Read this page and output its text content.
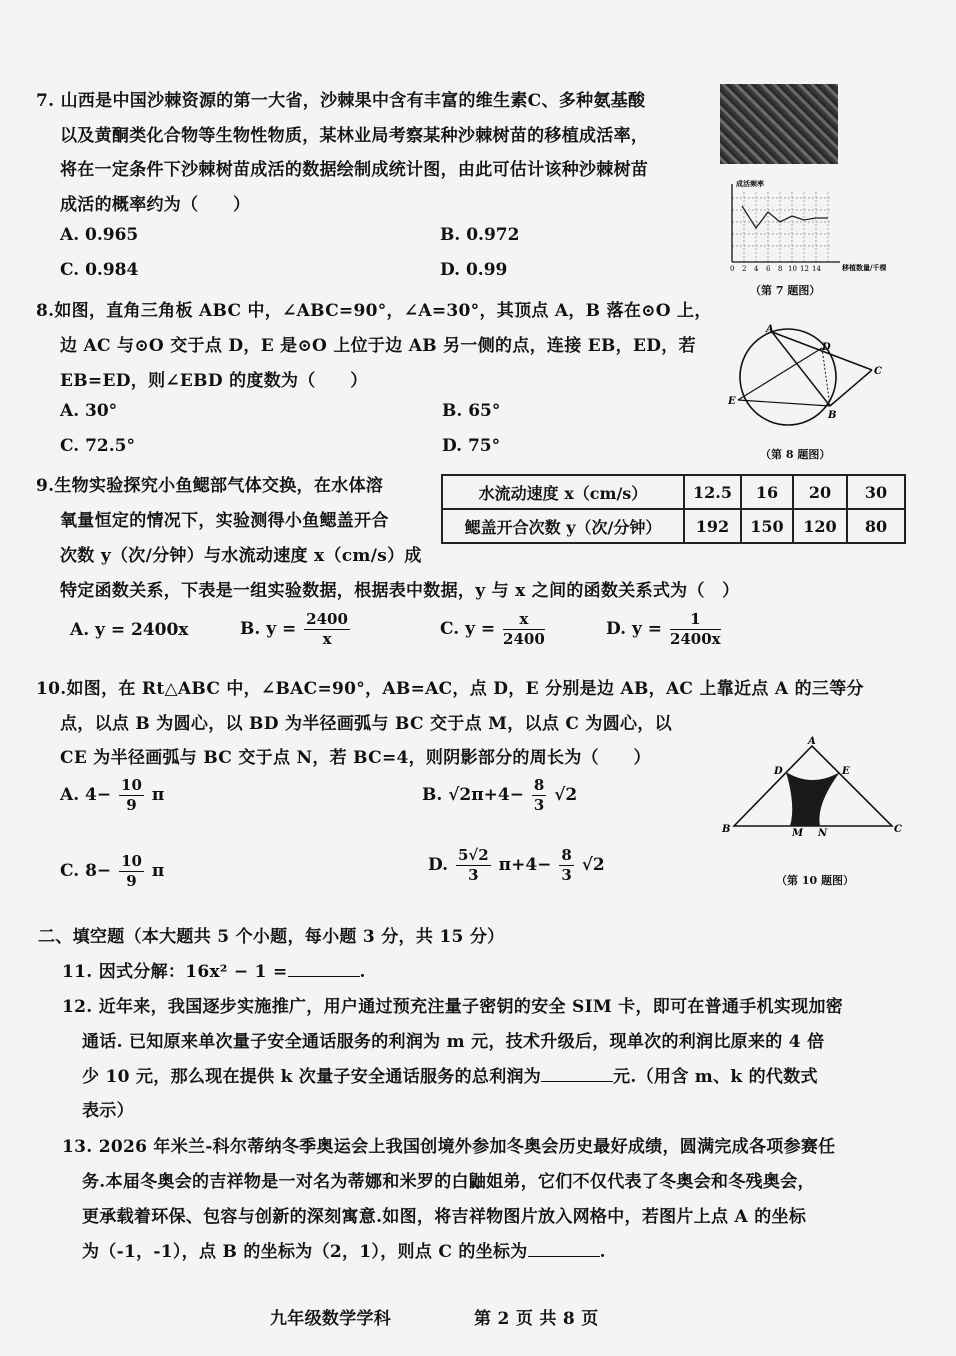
7. 山西是中国沙棘资源的第一大省，沙棘果中含有丰富的维生素C、多种氨基酸
以及黄酮类化合物等生物性物质，某林业局考察某种沙棘树苗的移植成活率，
将在一定条件下沙棘树苗成活的数据绘制成统计图，由此可估计该种沙棘树苗
成活的概率约为（　　）
A. 0.965	B. 0.972
C. 0.984	D. 0.99
成活频率
移植数量/千棵
0 2 4 6 8 10 12 14
（第 7 题图）
8.如图，直角三角板 ABC 中，∠ABC=90°，∠A=30°，其顶点 A，B 落在⊙O 上，
边 AC 与⊙O 交于点 D，E 是⊙O 上位于边 AB 另一侧的点，连接 EB，ED，若
EB=ED，则∠EBD 的度数为（　　）
A. 30°	B. 65°
C. 72.5°	D. 75°
A
D
C
E
B
（第 8 题图）
9.生物实验探究小鱼鳃部气体交换，在水体溶
氧量恒定的情况下，实验测得小鱼鳃盖开合
次数 y（次/分钟）与水流动速度 x（cm/s）成
特定函数关系，下表是一组实验数据，根据表中数据，y 与 x 之间的函数关系式为（　）
水流动速度 x（cm/s）	12.5	16	20	30
鳃盖开合次数 y（次/分钟）	192	150	120	80
A. y = 2400x	B. $y = \frac{2400}{x}$	C. $y = \frac{x}{2400}$	D. $y = \frac{1}{2400x}$
10.如图，在 Rt△ABC 中，∠BAC=90°，AB=AC，点 D，E 分别是边 AB，AC 上靠近点 A 的三等分
点，以点 B 为圆心，以 BD 为半径画弧与 BC 交于点 M，以点 C 为圆心，以
CE 为半径画弧与 BC 交于点 N，若 BC=4，则阴影部分的周长为（　　）
A. $4- \frac{10}{9}$ π	B. $√2\pi+4- \frac{8}{3} √2$
C. $8- \frac{10}{9}$ π	D. $\frac{5√2}{3} \pi+4- \frac{8}{3} √2$
A
D	E
B	M N	C
（第 10 题图）
二、填空题（本大题共 5 个小题，每小题 3 分，共 15 分）
11. 因式分解：16x² − 1 =	.
12. 近年来，我国逐步实施推广，用户通过预充注量子密钥的安全 SIM 卡，即可在普通手机实现加密
通话. 已知原来单次量子安全通话服务的利润为 m 元，技术升级后，现单次的利润比原来的 4 倍
少 10 元，那么现在提供 k 次量子安全通话服务的总利润为	元.（用含 m、k 的代数式
表示）
13. 2026 年米兰-科尔蒂纳冬季奥运会上我国创境外参加冬奥会历史最好成绩，圆满完成各项参赛任
务.本届冬奥会的吉祥物是一对名为蒂娜和米罗的白鼬姐弟，它们不仅代表了冬奥会和冬残奥会，
更承载着环保、包容与创新的深刻寓意.如图，将吉祥物图片放入网格中，若图片上点 A 的坐标
为（-1，-1），点 B 的坐标为（2，1），则点 C 的坐标为	.
九年级数学学科	第 2 页 共 8 页
